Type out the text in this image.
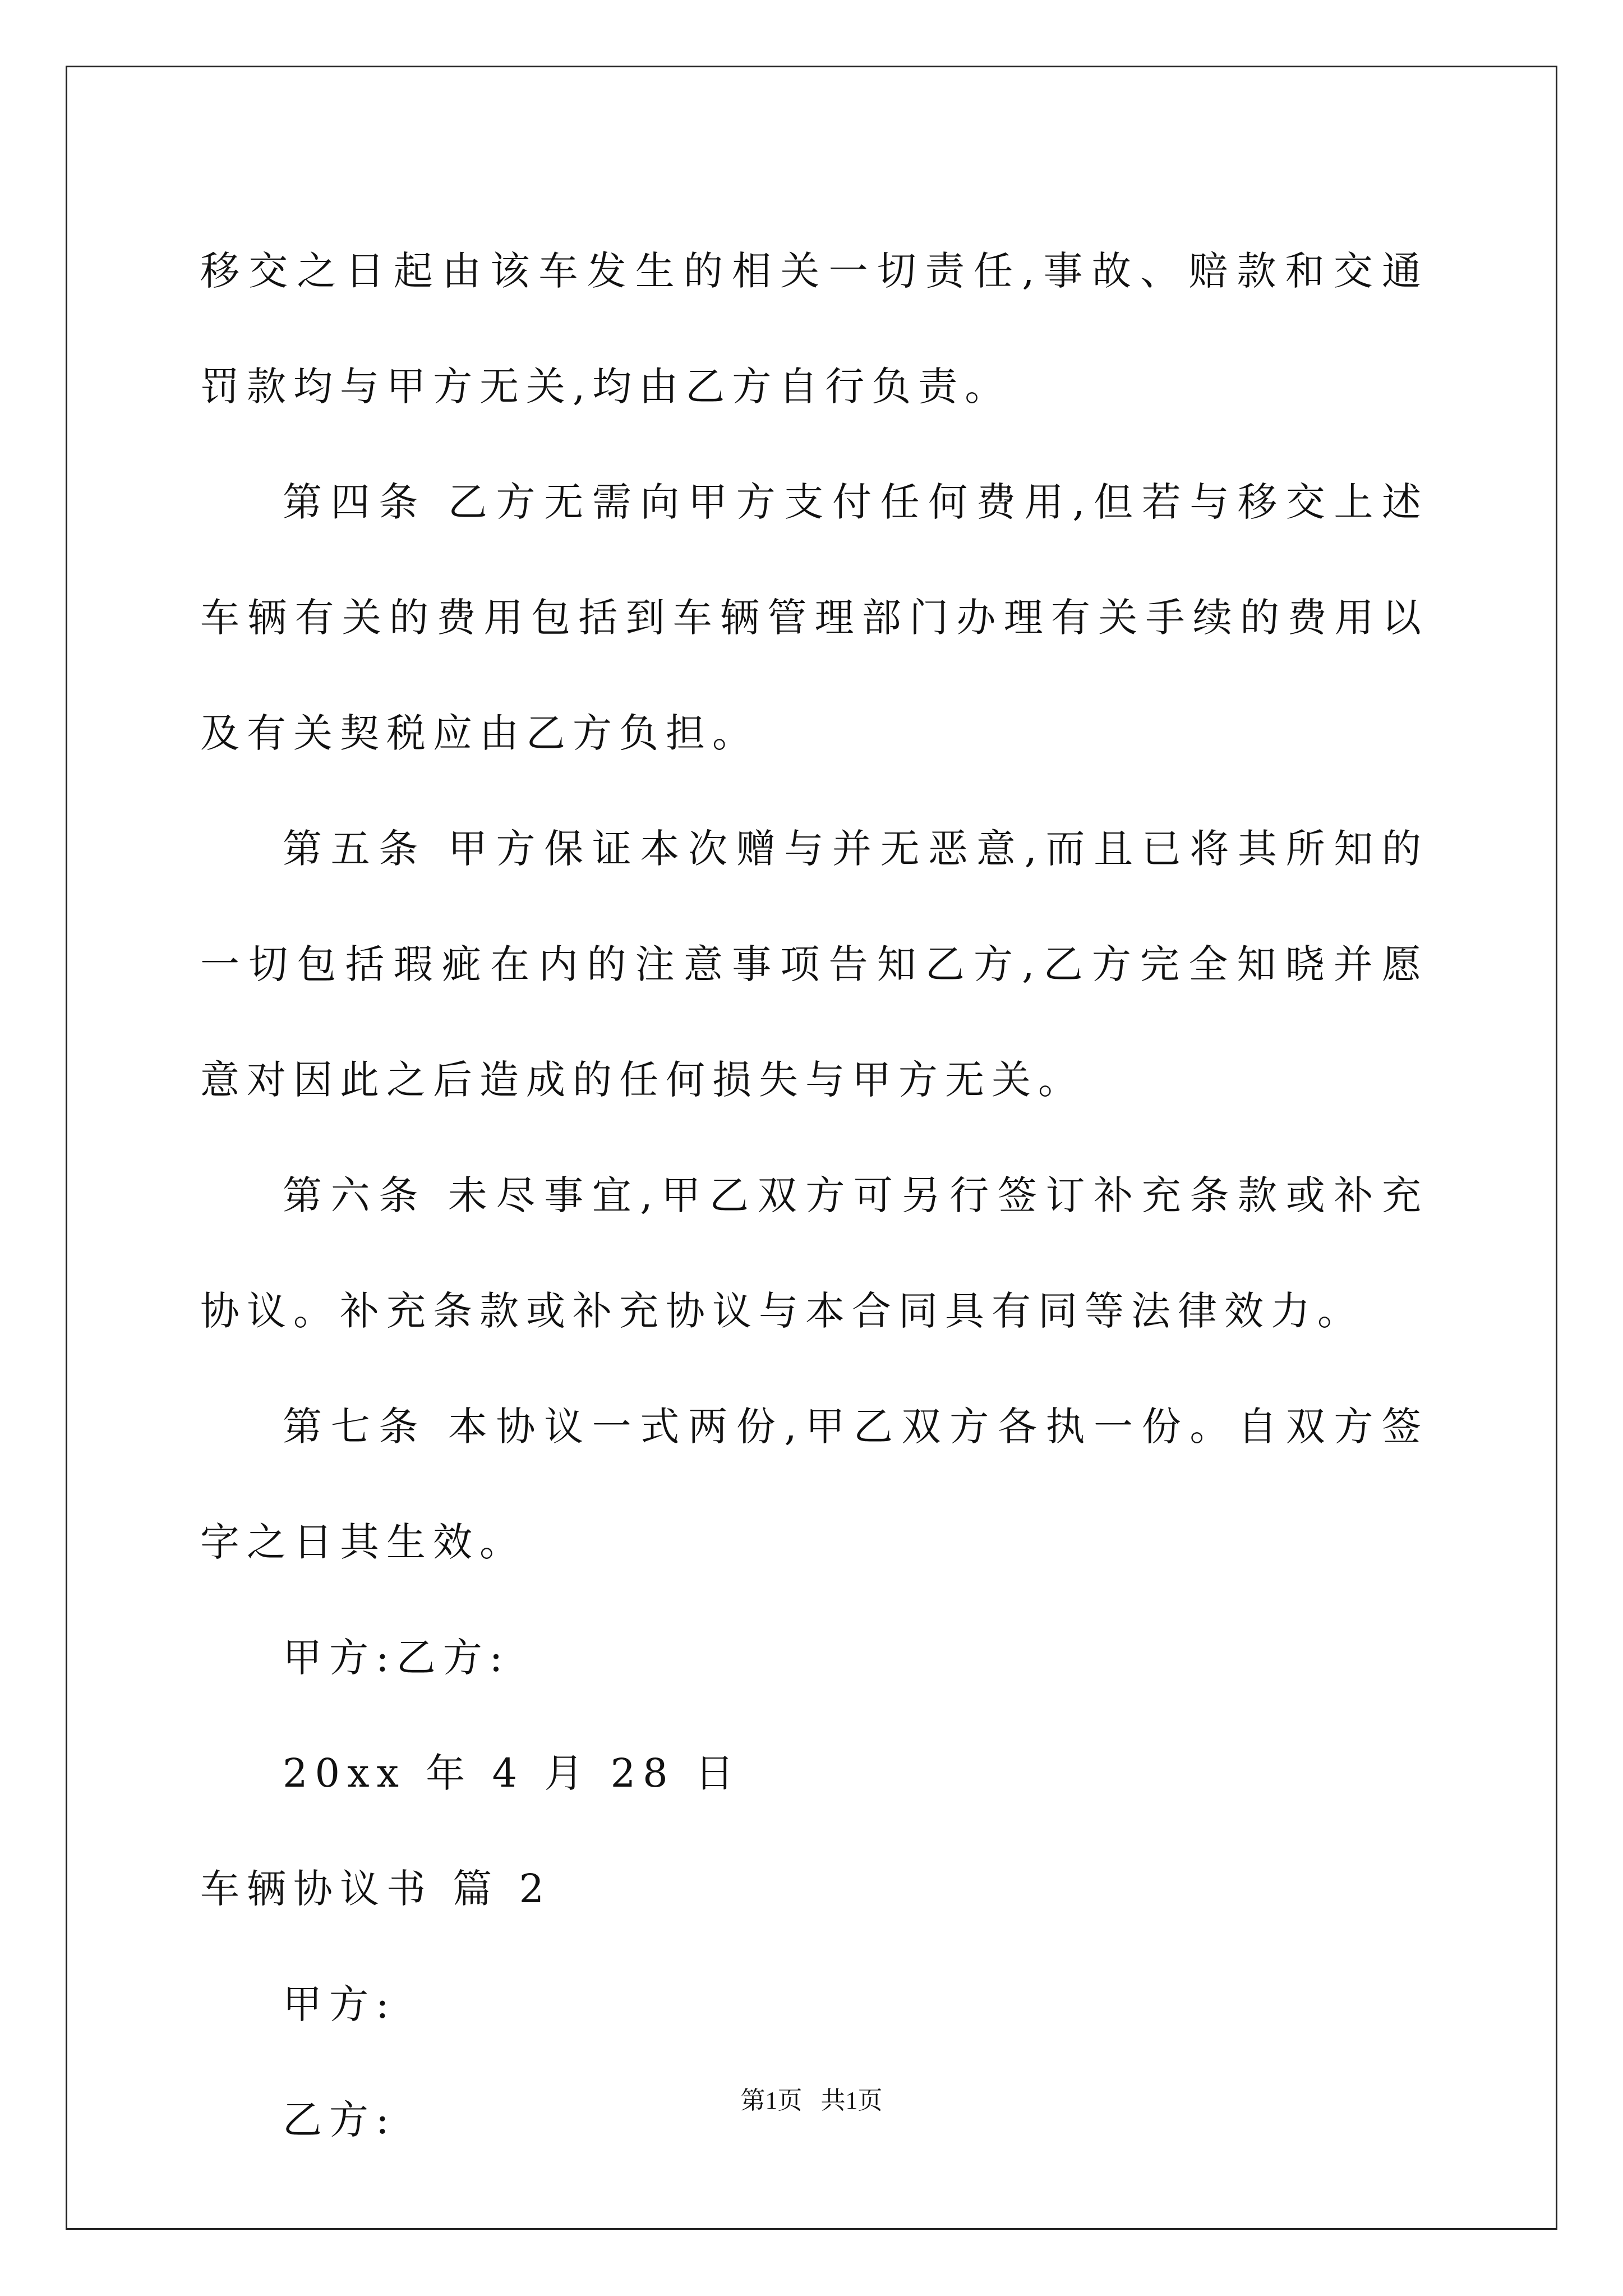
移交之日起由该车发生的相关一切责任,事故、赔款和交通罚款均与甲方无关,均由乙方自行负责。

第四条 乙方无需向甲方支付任何费用,但若与移交上述车辆有关的费用包括到车辆管理部门办理有关手续的费用以及有关契税应由乙方负担。

第五条 甲方保证本次赠与并无恶意,而且已将其所知的一切包括瑕疵在内的注意事项告知乙方,乙方完全知晓并愿意对因此之后造成的任何损失与甲方无关。

第六条 未尽事宜,甲乙双方可另行签订补充条款或补充协议。补充条款或补充协议与本合同具有同等法律效力。

第七条 本协议一式两份,甲乙双方各执一份。自双方签字之日其生效。

甲方:乙方:

20xx 年 4 月 28 日

车辆协议书 篇 2

甲方:

乙方:	第1页   共1页
